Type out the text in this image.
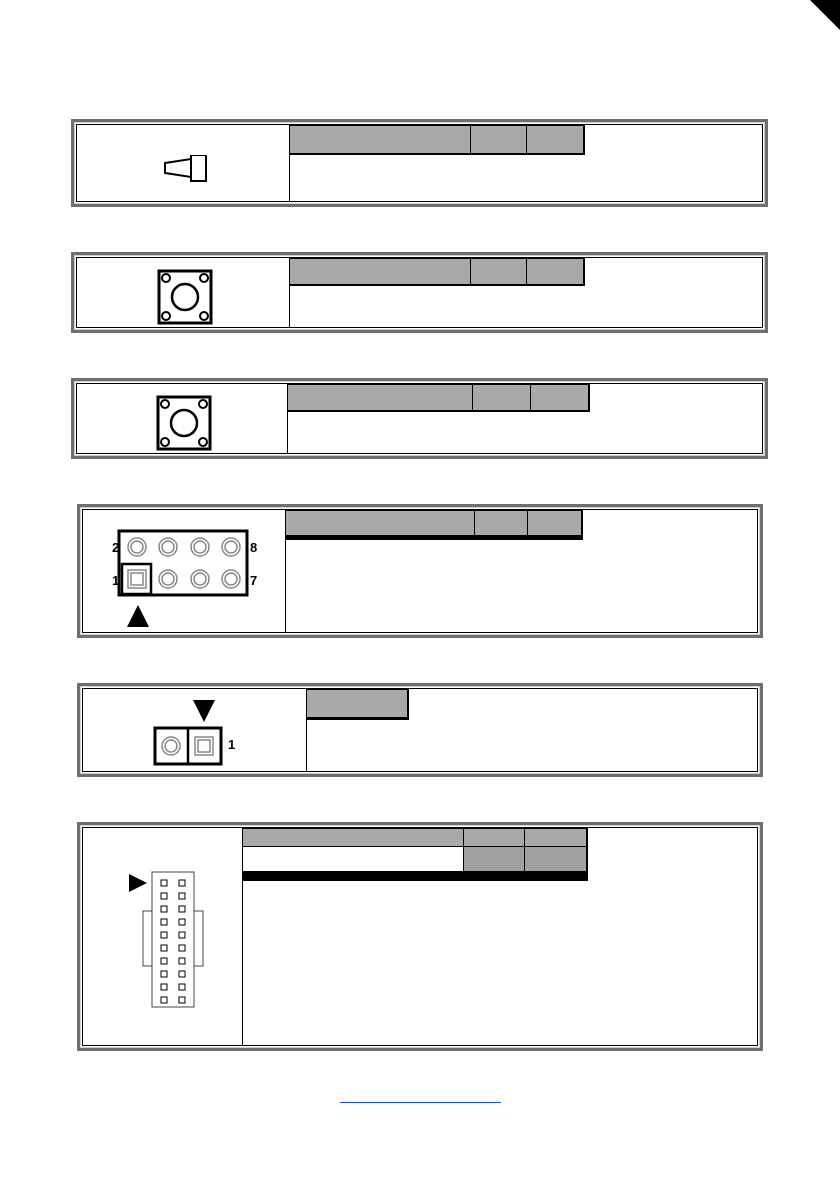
2	8
1	7

1
